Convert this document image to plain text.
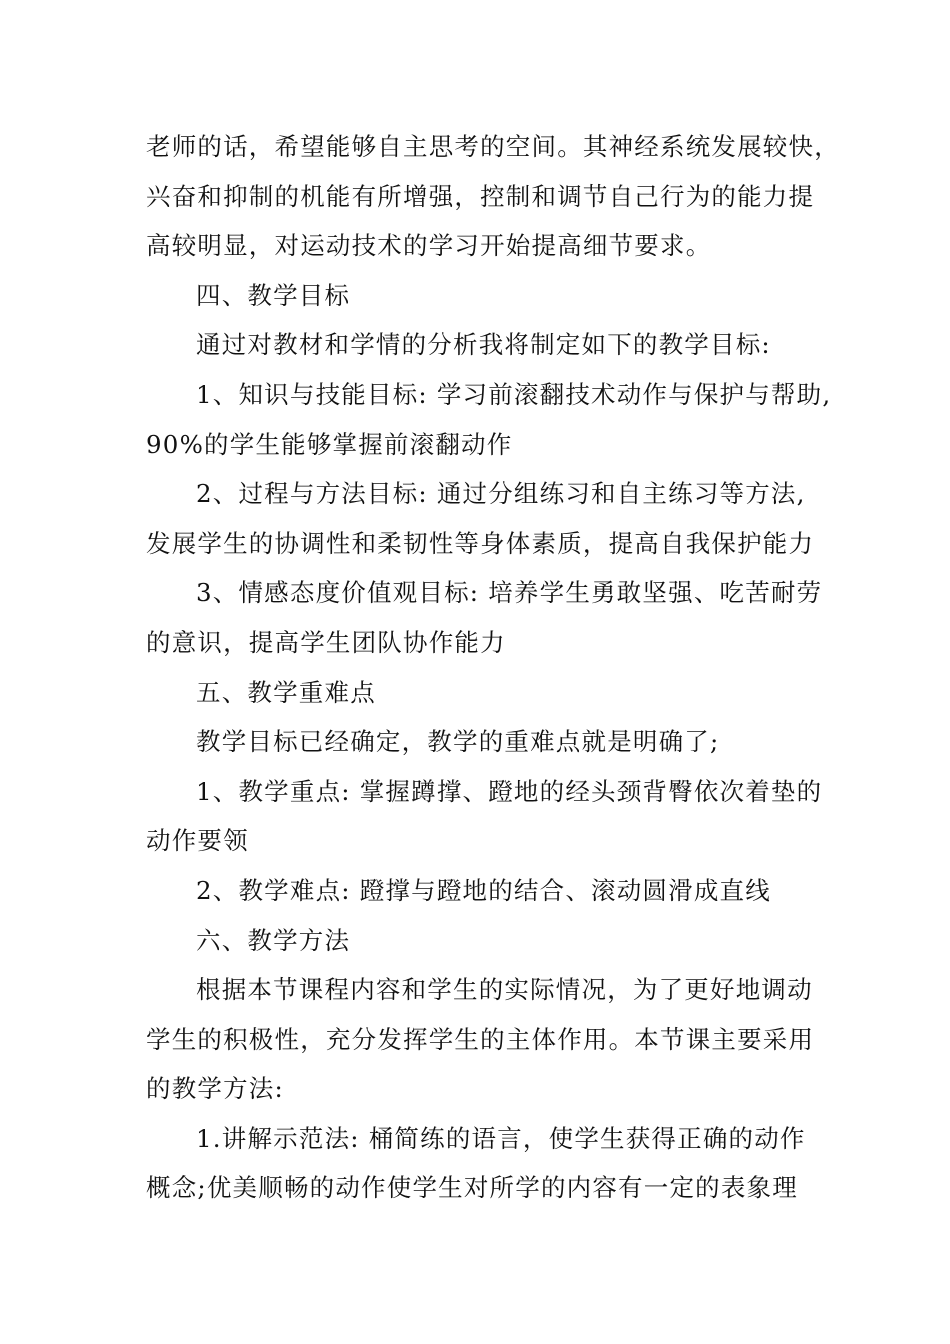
老师的话，希望能够自主思考的空间。其神经系统发展较快，
兴奋和抑制的机能有所增强，控制和调节自己行为的能力提
高较明显，对运动技术的学习开始提高细节要求。
四、教学目标
通过对教材和学情的分析我将制定如下的教学目标:
1、知识与技能目标: 学习前滚翻技术动作与保护与帮助,
90%的学生能够掌握前滚翻动作
2、过程与方法目标: 通过分组练习和自主练习等方法,
发展学生的协调性和柔韧性等身体素质，提高自我保护能力
3、情感态度价值观目标: 培养学生勇敢坚强、吃苦耐劳
的意识，提高学生团队协作能力
五、教学重难点
教学目标已经确定，教学的重难点就是明确了;
1、教学重点: 掌握蹲撑、蹬地的经头颈背臀依次着垫的
动作要领
2、教学难点: 蹬撑与蹬地的结合、滚动圆滑成直线
六、教学方法
根据本节课程内容和学生的实际情况，为了更好地调动
学生的积极性，充分发挥学生的主体作用。本节课主要采用
的教学方法:
1.讲解示范法: 桶简练的语言，使学生获得正确的动作
概念;优美顺畅的动作使学生对所学的内容有一定的表象理
